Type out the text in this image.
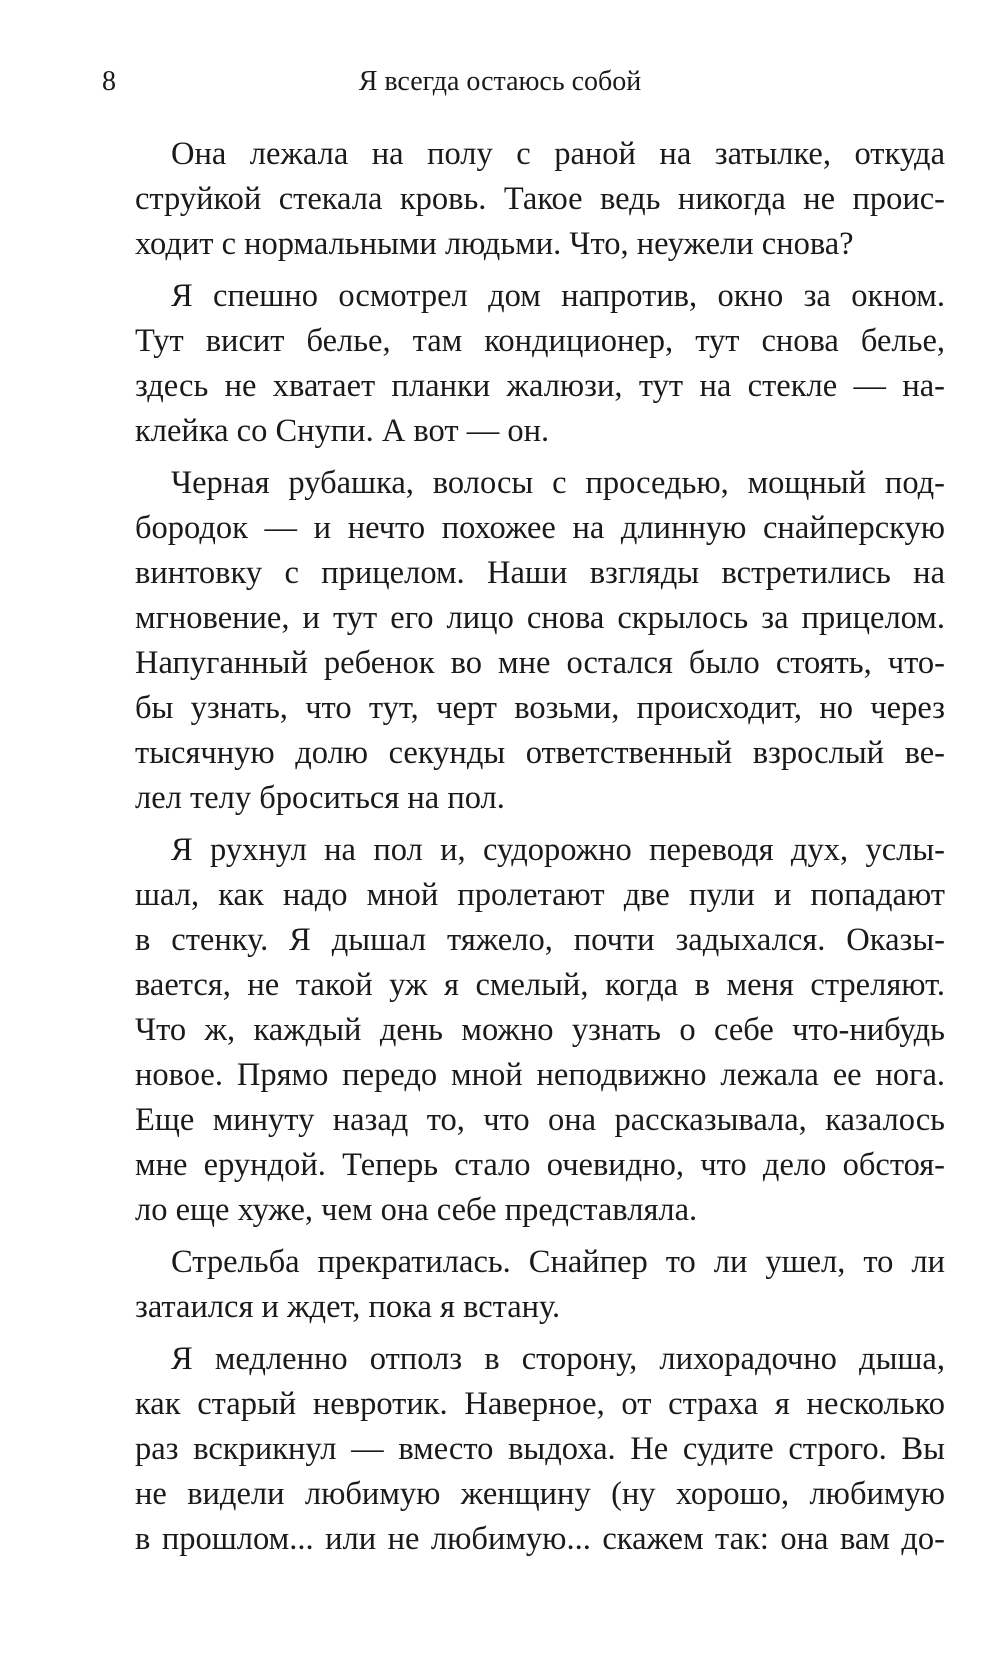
8	Я всегда остаюсь собой

Она лежала на полу с раной на затылке, откуда
струйкой стекала кровь. Такое ведь никогда не проис-
ходит с нормальными людьми. Что, неужели снова?

Я спешно осмотрел дом напротив, окно за окном.
Тут висит белье, там кондиционер, тут снова белье,
здесь не хватает планки жалюзи, тут на стекле — на-
клейка со Снупи. А вот — он.

Черная рубашка, волосы с проседью, мощный под-
бородок — и нечто похожее на длинную снайперскую
винтовку с прицелом. Наши взгляды встретились на
мгновение, и тут его лицо снова скрылось за прицелом.
Напуганный ребенок во мне остался было стоять, что-
бы узнать, что тут, черт возьми, происходит, но через
тысячную долю секунды ответственный взрослый ве-
лел телу броситься на пол.

Я рухнул на пол и, судорожно переводя дух, услы-
шал, как надо мной пролетают две пули и попадают
в стенку. Я дышал тяжело, почти задыхался. Оказы-
вается, не такой уж я смелый, когда в меня стреляют.
Что ж, каждый день можно узнать о себе что-нибудь
новое. Прямо передо мной неподвижно лежала ее нога.
Еще минуту назад то, что она рассказывала, казалось
мне ерундой. Теперь стало очевидно, что дело обстоя-
ло еще хуже, чем она себе представляла.

Стрельба прекратилась. Снайпер то ли ушел, то ли
затаился и ждет, пока я встану.

Я медленно отполз в сторону, лихорадочно дыша,
как старый невротик. Наверное, от страха я несколько
раз вскрикнул — вместо выдоха. Не судите строго. Вы
не видели любимую женщину (ну хорошо, любимую
в прошлом... или не любимую... скажем так: она вам до-
